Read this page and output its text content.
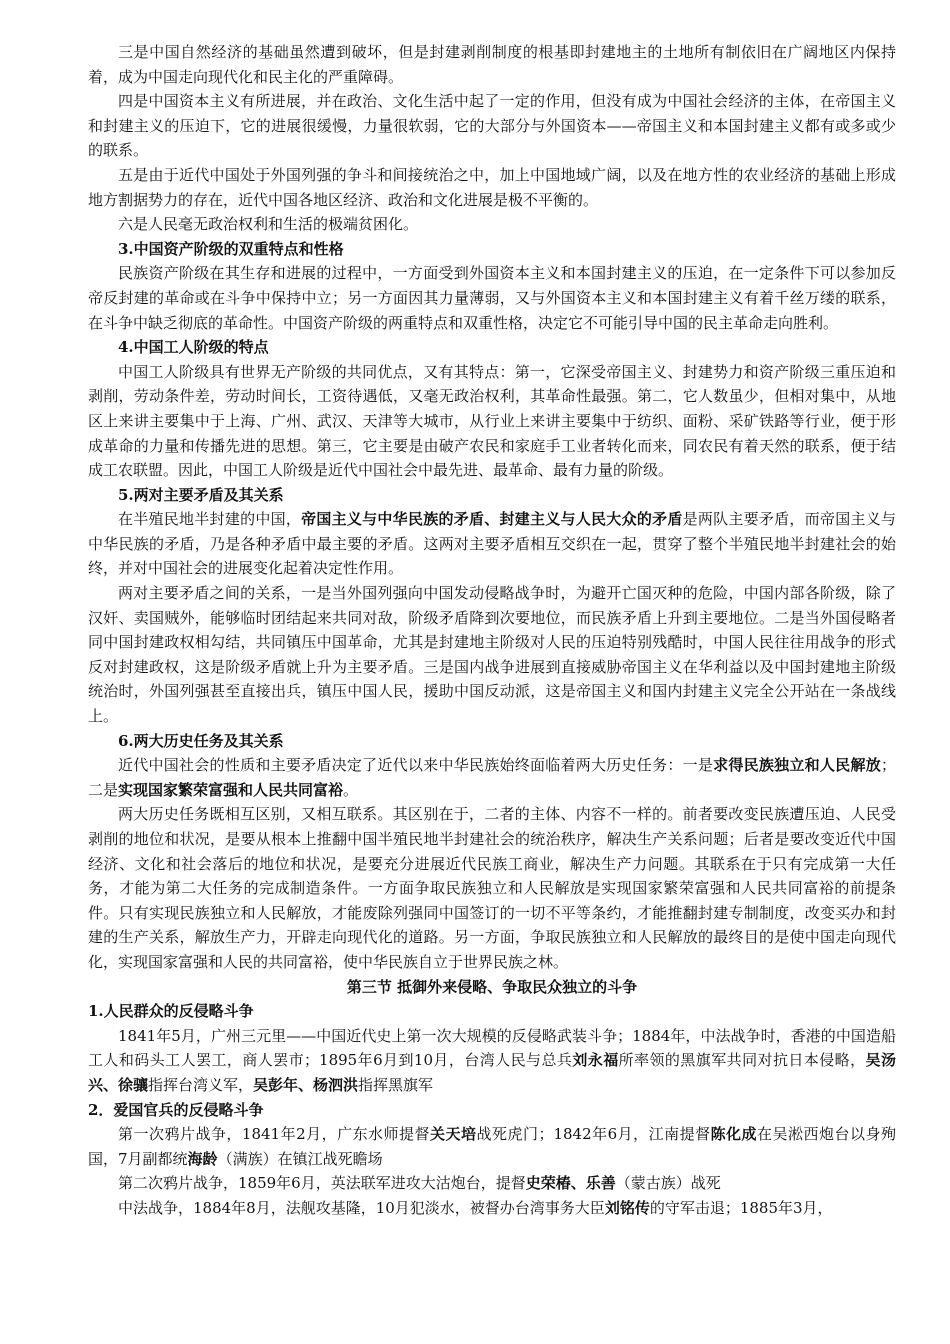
三是中国自然经济的基础虽然遭到破坏，但是封建剥削制度的根基即封建地主的土地所有制依旧在广阔地区内保持着，成为中国走向现代化和民主化的严重障碍。

四是中国资本主义有所进展，并在政治、文化生活中起了一定的作用，但没有成为中国社会经济的主体，在帝国主义和封建主义的压迫下，它的进展很缓慢，力量很软弱，它的大部分与外国资本——帝国主义和本国封建主义都有或多或少的联系。

五是由于近代中国处于外国列强的争斗和间接统治之中，加上中国地域广阔，以及在地方性的农业经济的基础上形成地方割据势力的存在，近代中国各地区经济、政治和文化进展是极不平衡的。

六是人民毫无政治权利和生活的极端贫困化。

3.中国资产阶级的双重特点和性格

民族资产阶级在其生存和进展的过程中，一方面受到外国资本主义和本国封建主义的压迫，在一定条件下可以参加反帝反封建的革命或在斗争中保持中立；另一方面因其力量薄弱，又与外国资本主义和本国封建主义有着千丝万缕的联系，在斗争中缺乏彻底的革命性。中国资产阶级的两重特点和双重性格，决定它不可能引导中国的民主革命走向胜利。

4.中国工人阶级的特点

中国工人阶级具有世界无产阶级的共同优点，又有其特点：第一，它深受帝国主义、封建势力和资产阶级三重压迫和剥削，劳动条件差，劳动时间长，工资待遇低，又毫无政治权利，其革命性最强。第二，它人数虽少，但相对集中，从地区上来讲主要集中于上海、广州、武汉、天津等大城市，从行业上来讲主要集中于纺织、面粉、采矿铁路等行业，便于形成革命的力量和传播先进的思想。第三，它主要是由破产农民和家庭手工业者转化而来，同农民有着天然的联系，便于结成工农联盟。因此，中国工人阶级是近代中国社会中最先进、最革命、最有力量的阶级。

5.两对主要矛盾及其关系

在半殖民地半封建的中国，帝国主义与中华民族的矛盾、封建主义与人民大众的矛盾是两队主要矛盾，而帝国主义与中华民族的矛盾，乃是各种矛盾中最主要的矛盾。这两对主要矛盾相互交织在一起，贯穿了整个半殖民地半封建社会的始终，并对中国社会的进展变化起着决定性作用。

两对主要矛盾之间的关系，一是当外国列强向中国发动侵略战争时，为避开亡国灭种的危险，中国内部各阶级，除了汉奸、卖国贼外，能够临时团结起来共同对敌，阶级矛盾降到次要地位，而民族矛盾上升到主要地位。二是当外国侵略者同中国封建政权相勾结，共同镇压中国革命，尤其是封建地主阶级对人民的压迫特别残酷时，中国人民往往用战争的形式反对封建政权，这是阶级矛盾就上升为主要矛盾。三是国内战争进展到直接威胁帝国主义在华利益以及中国封建地主阶级统治时，外国列强甚至直接出兵，镇压中国人民，援助中国反动派，这是帝国主义和国内封建主义完全公开站在一条战线上。

6.两大历史任务及其关系

近代中国社会的性质和主要矛盾决定了近代以来中华民族始终面临着两大历史任务：一是求得民族独立和人民解放；二是实现国家繁荣富强和人民共同富裕。

两大历史任务既相互区别，又相互联系。其区别在于，二者的主体、内容不一样的。前者要改变民族遭压迫、人民受剥削的地位和状况，是要从根本上推翻中国半殖民地半封建社会的统治秩序，解决生产关系问题；后者是要改变近代中国经济、文化和社会落后的地位和状况，是要充分进展近代民族工商业，解决生产力问题。其联系在于只有完成第一大任务，才能为第二大任务的完成制造条件。一方面争取民族独立和人民解放是实现国家繁荣富强和人民共同富裕的前提条件。只有实现民族独立和人民解放，才能废除列强同中国签订的一切不平等条约，才能推翻封建专制制度，改变买办和封建的生产关系，解放生产力，开辟走向现代化的道路。另一方面，争取民族独立和人民解放的最终目的是使中国走向现代化，实现国家富强和人民的共同富裕，使中华民族自立于世界民族之林。

第三节 抵御外来侵略、争取民众独立的斗争
1.人民群众的反侵略斗争

1841年5月，广州三元里——中国近代史上第一次大规模的反侵略武装斗争；1884年，中法战争时，香港的中国造船工人和码头工人罢工，商人罢市；1895年6月到10月，台湾人民与总兵刘永福所率领的黑旗军共同对抗日本侵略，吴汤兴、徐骧指挥台湾义军，吴彭年、杨泗洪指挥黑旗军

2．爱国官兵的反侵略斗争

第一次鸦片战争，1841年2月，广东水师提督关天培战死虎门；1842年6月，江南提督陈化成在吴淞西炮台以身殉国，7月副都统海龄（满族）在镇江战死瞻场

第二次鸦片战争，1859年6月，英法联军进攻大沽炮台，提督史荣椿、乐善（蒙古族）战死

中法战争，1884年8月，法舰攻基隆，10月犯淡水，被督办台湾事务大臣刘铭传的守军击退；1885年3月，
